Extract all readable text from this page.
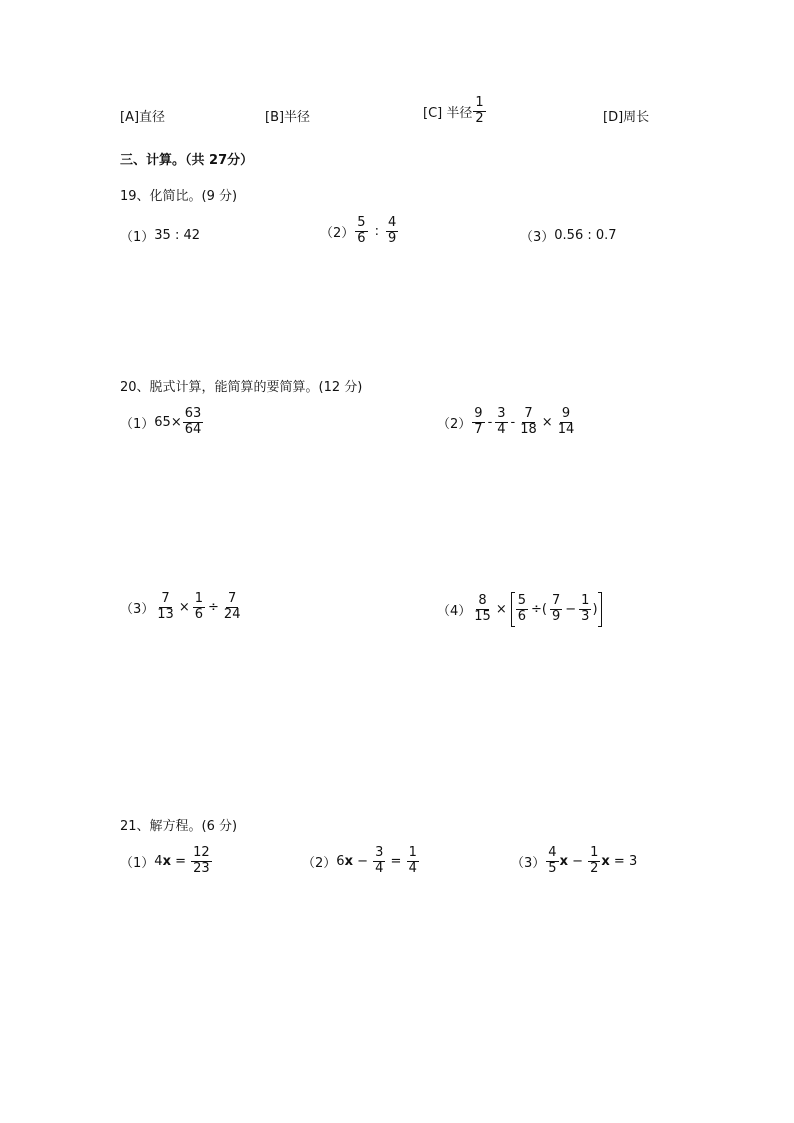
[A]直径	[B]半径	[C] 半径 $\frac{1}{2}$	[D]周长
三、计算。（共 27分）
19、化简比。(9 分)
（1） 35 : 42	$(2) \frac{5}{6}$ : $\frac{4}{9}$	（3） 0.56 : 0.7
20、脱式计算，能简算的要简算。(12 分)
（1） $65\times \frac{63}{64}$	$(2) \frac{9}{7} - \frac{3}{4} - \frac{7}{18} \times \frac{9}{14}$
$(3) \frac{7}{13} \times \frac{1}{6} \div \frac{7}{24}$	$(4) \frac{8}{15} \times \frac{5}{6}$ ÷( $\frac{7}{9} - \frac{1}{3}$ )
21、解方程。(6 分)
（1） 4 $x = \frac{12}{23}$	（2） 6 $x - \frac{3}{4} = \frac{1}{4}$	$(3) \frac{4}{5}$ $x - \frac{1}{2}$ x = 3
